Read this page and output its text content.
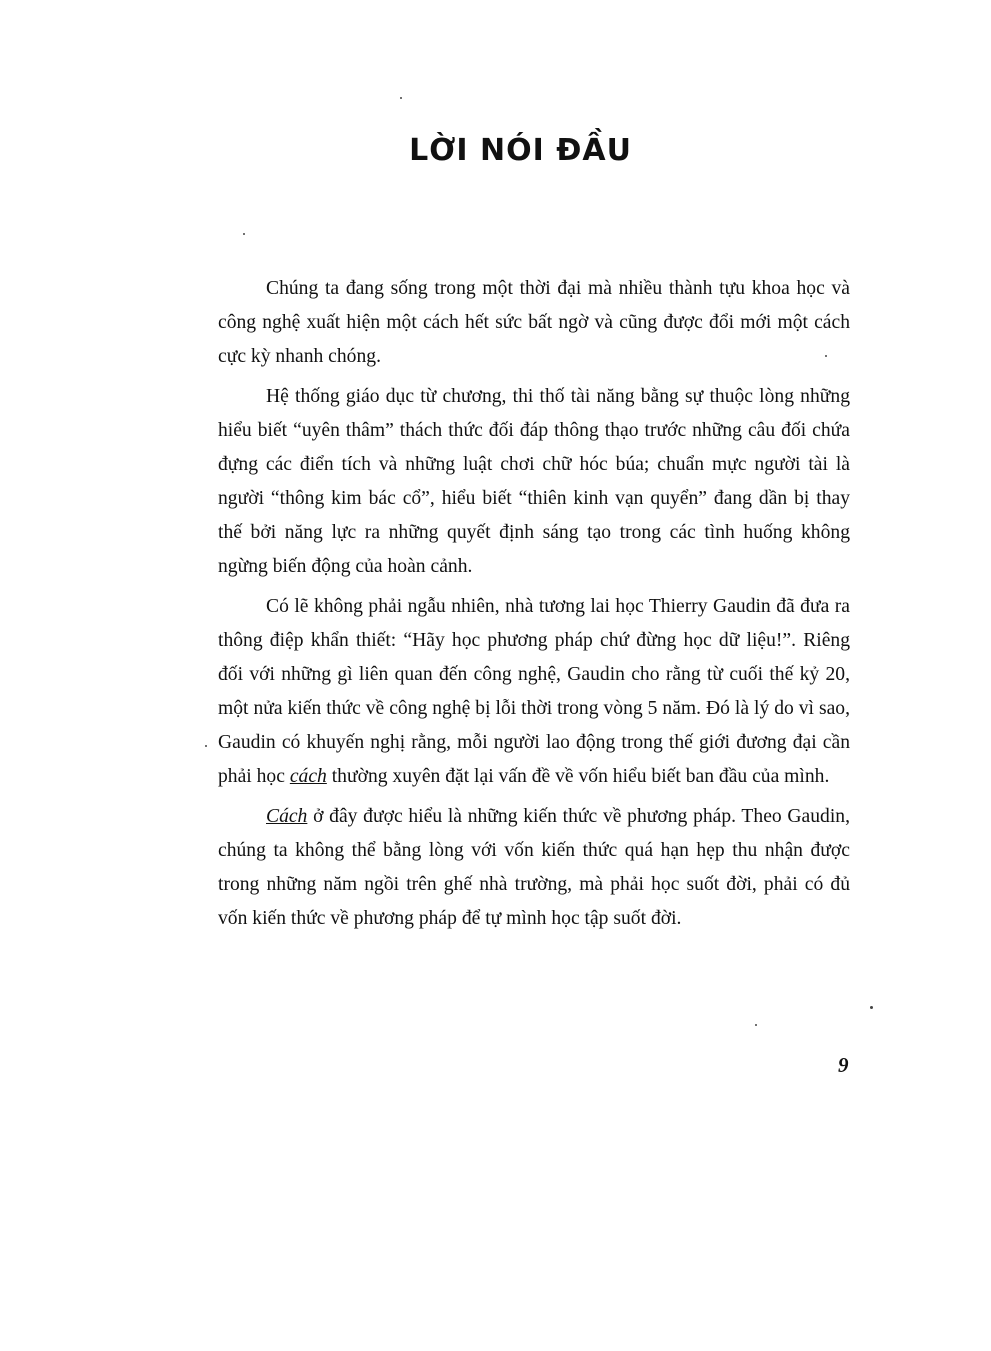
LỜI NÓI ĐẦU

Chúng ta đang sống trong một thời đại mà nhiều thành tựu khoa học và công nghệ xuất hiện một cách hết sức bất ngờ và cũng được đổi mới một cách cực kỳ nhanh chóng.

Hệ thống giáo dục từ chương, thi thố tài năng bằng sự thuộc lòng những hiểu biết “uyên thâm” thách thức đối đáp thông thạo trước những câu đối chứa đựng các điển tích và những luật chơi chữ hóc búa; chuẩn mực người tài là người “thông kim bác cổ”, hiểu biết “thiên kinh vạn quyển” đang dần bị thay thế bởi năng lực ra những quyết định sáng tạo trong các tình huống không ngừng biến động của hoàn cảnh.

Có lẽ không phải ngẫu nhiên, nhà tương lai học Thierry Gaudin đã đưa ra thông điệp khẩn thiết: “Hãy học phương pháp chứ đừng học dữ liệu!”. Riêng đối với những gì liên quan đến công nghệ, Gaudin cho rằng từ cuối thế kỷ 20, một nửa kiến thức về công nghệ bị lỗi thời trong vòng 5 năm. Đó là lý do vì sao, Gaudin có khuyến nghị rằng, mỗi người lao động trong thế giới đương đại cần phải học cách thường xuyên đặt lại vấn đề về vốn hiểu biết ban đầu của mình.

Cách ở đây được hiểu là những kiến thức về phương pháp. Theo Gaudin, chúng ta không thể bằng lòng với vốn kiến thức quá hạn hẹp thu nhận được trong những năm ngồi trên ghế nhà trường, mà phải học suốt đời, phải có đủ vốn kiến thức về phương pháp để tự mình học tập suốt đời.

9
